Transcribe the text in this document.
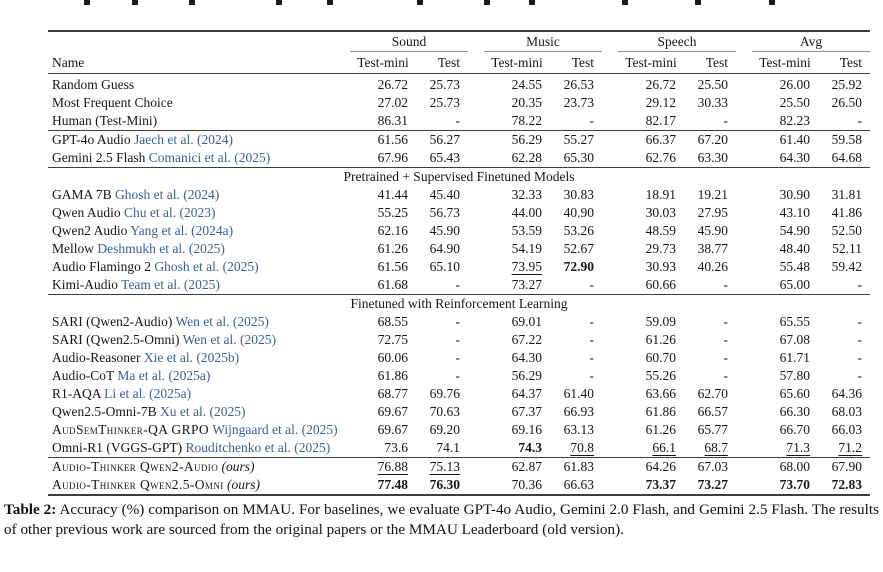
	Sound			Music			Speech			Avg	
Name	Test-mini	Test		Test-mini	Test		Test-mini	Test		Test-mini	Test
Random Guess	26.72	25.73		24.55	26.53		26.72	25.50		26.00	25.92
Most Frequent Choice	27.02	25.73		20.35	23.73		29.12	30.33		25.50	26.50
Human (Test-Mini)	86.31	-		78.22	-		82.17	-		82.23	-
GPT-4o Audio Jaech et al. (2024)	61.56	56.27		56.29	55.27		66.37	67.20		61.40	59.58
Gemini 2.5 Flash Comanici et al. (2025)	67.96	65.43		62.28	65.30		62.76	63.30		64.30	64.68
Pretrained + Supervised Finetuned Models											
GAMA 7B Ghosh et al. (2024)	41.44	45.40		32.33	30.83		18.91	19.21		30.90	31.81
Qwen Audio Chu et al. (2023)	55.25	56.73		44.00	40.90		30.03	27.95		43.10	41.86
Qwen2 Audio Yang et al. (2024a)	62.16	45.90		53.59	53.26		48.59	45.90		54.90	52.50
Mellow Deshmukh et al. (2025)	61.26	64.90		54.19	52.67		29.73	38.77		48.40	52.11
Audio Flamingo 2 Ghosh et al. (2025)	61.56	65.10		73.95	72.90		30.93	40.26		55.48	59.42
Kimi-Audio Team et al. (2025)	61.68	-		73.27	-		60.66	-		65.00	-
Finetuned with Reinforcement Learning											
SARI (Qwen2-Audio) Wen et al. (2025)	68.55	-		69.01	-		59.09	-		65.55	-
SARI (Qwen2.5-Omni) Wen et al. (2025)	72.75	-		67.22	-		61.26	-		67.08	-
Audio-Reasoner Xie et al. (2025b)	60.06	-		64.30	-		60.70	-		61.71	-
Audio-CoT Ma et al. (2025a)	61.86	-		56.29	-		55.26	-		57.80	-
R1-AQA Li et al. (2025a)	68.77	69.76		64.37	61.40		63.66	62.70		65.60	64.36
Qwen2.5-Omni-7B Xu et al. (2025)	69.67	70.63		67.37	66.93		61.86	66.57		66.30	68.03
AudSemThinker-QA GRPO Wijngaard et al. (2025)	69.67	69.20		69.16	63.13		61.26	65.77		66.70	66.03
Omni-R1 (VGGS-GPT) Rouditchenko et al. (2025)	73.6	74.1		74.3	70.8		66.1	68.7		71.3	71.2
Audio-Thinker Qwen2-Audio (ours)	76.88	75.13		62.87	61.83		64.26	67.03		68.00	67.90
Audio-Thinker Qwen2.5-Omni (ours)	77.48	76.30		70.36	66.63		73.37	73.27		73.70	72.83
Table 2: Accuracy (%) comparison on MMAU. For baselines, we evaluate GPT-4o Audio, Gemini 2.0 Flash, and Gemini 2.5 Flash. The results of other previous work are sourced from the original papers or the MMAU Leaderboard (old version).
